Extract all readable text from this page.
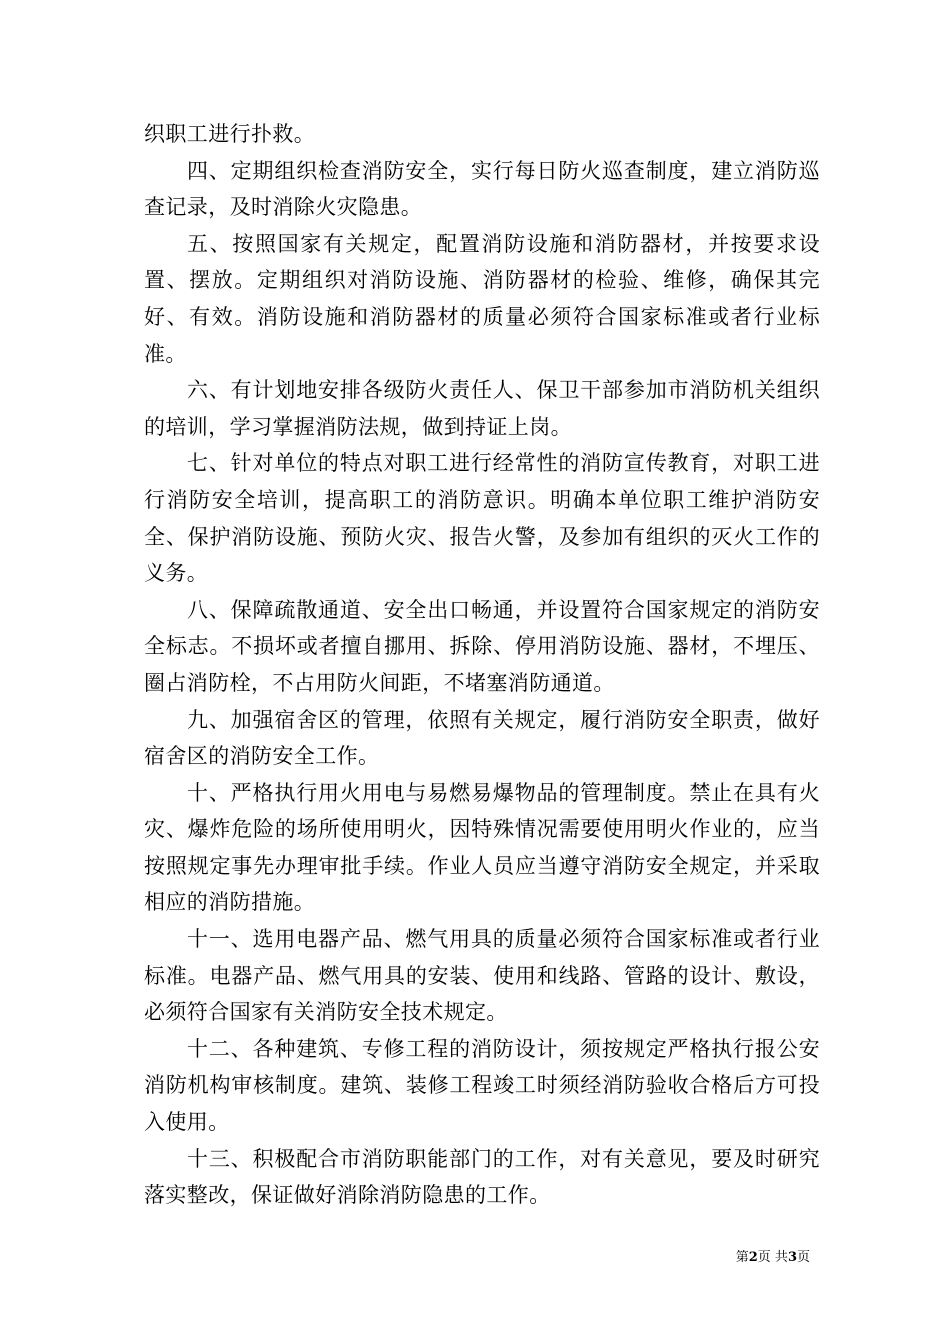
织职工进行扑救。

四、定期组织检查消防安全，实行每日防火巡查制度，建立消防巡查记录，及时消除火灾隐患。

五、按照国家有关规定，配置消防设施和消防器材，并按要求设置、摆放。定期组织对消防设施、消防器材的检验、维修，确保其完好、有效。消防设施和消防器材的质量必须符合国家标准或者行业标准。

六、有计划地安排各级防火责任人、保卫干部参加市消防机关组织的培训，学习掌握消防法规，做到持证上岗。

七、针对单位的特点对职工进行经常性的消防宣传教育，对职工进行消防安全培训，提高职工的消防意识。明确本单位职工维护消防安全、保护消防设施、预防火灾、报告火警，及参加有组织的灭火工作的义务。

八、保障疏散通道、安全出口畅通，并设置符合国家规定的消防安全标志。不损坏或者擅自挪用、拆除、停用消防设施、器材，不埋压、圈占消防栓，不占用防火间距，不堵塞消防通道。

九、加强宿舍区的管理，依照有关规定，履行消防安全职责，做好宿舍区的消防安全工作。

十、严格执行用火用电与易燃易爆物品的管理制度。禁止在具有火灾、爆炸危险的场所使用明火，因特殊情况需要使用明火作业的，应当按照规定事先办理审批手续。作业人员应当遵守消防安全规定，并采取相应的消防措施。

十一、选用电器产品、燃气用具的质量必须符合国家标准或者行业标准。电器产品、燃气用具的安装、使用和线路、管路的设计、敷设，必须符合国家有关消防安全技术规定。

十二、各种建筑、专修工程的消防设计，须按规定严格执行报公安消防机构审核制度。建筑、装修工程竣工时须经消防验收合格后方可投入使用。

十三、积极配合市消防职能部门的工作，对有关意见，要及时研究落实整改，保证做好消除消防隐患的工作。

第2页 共3页
